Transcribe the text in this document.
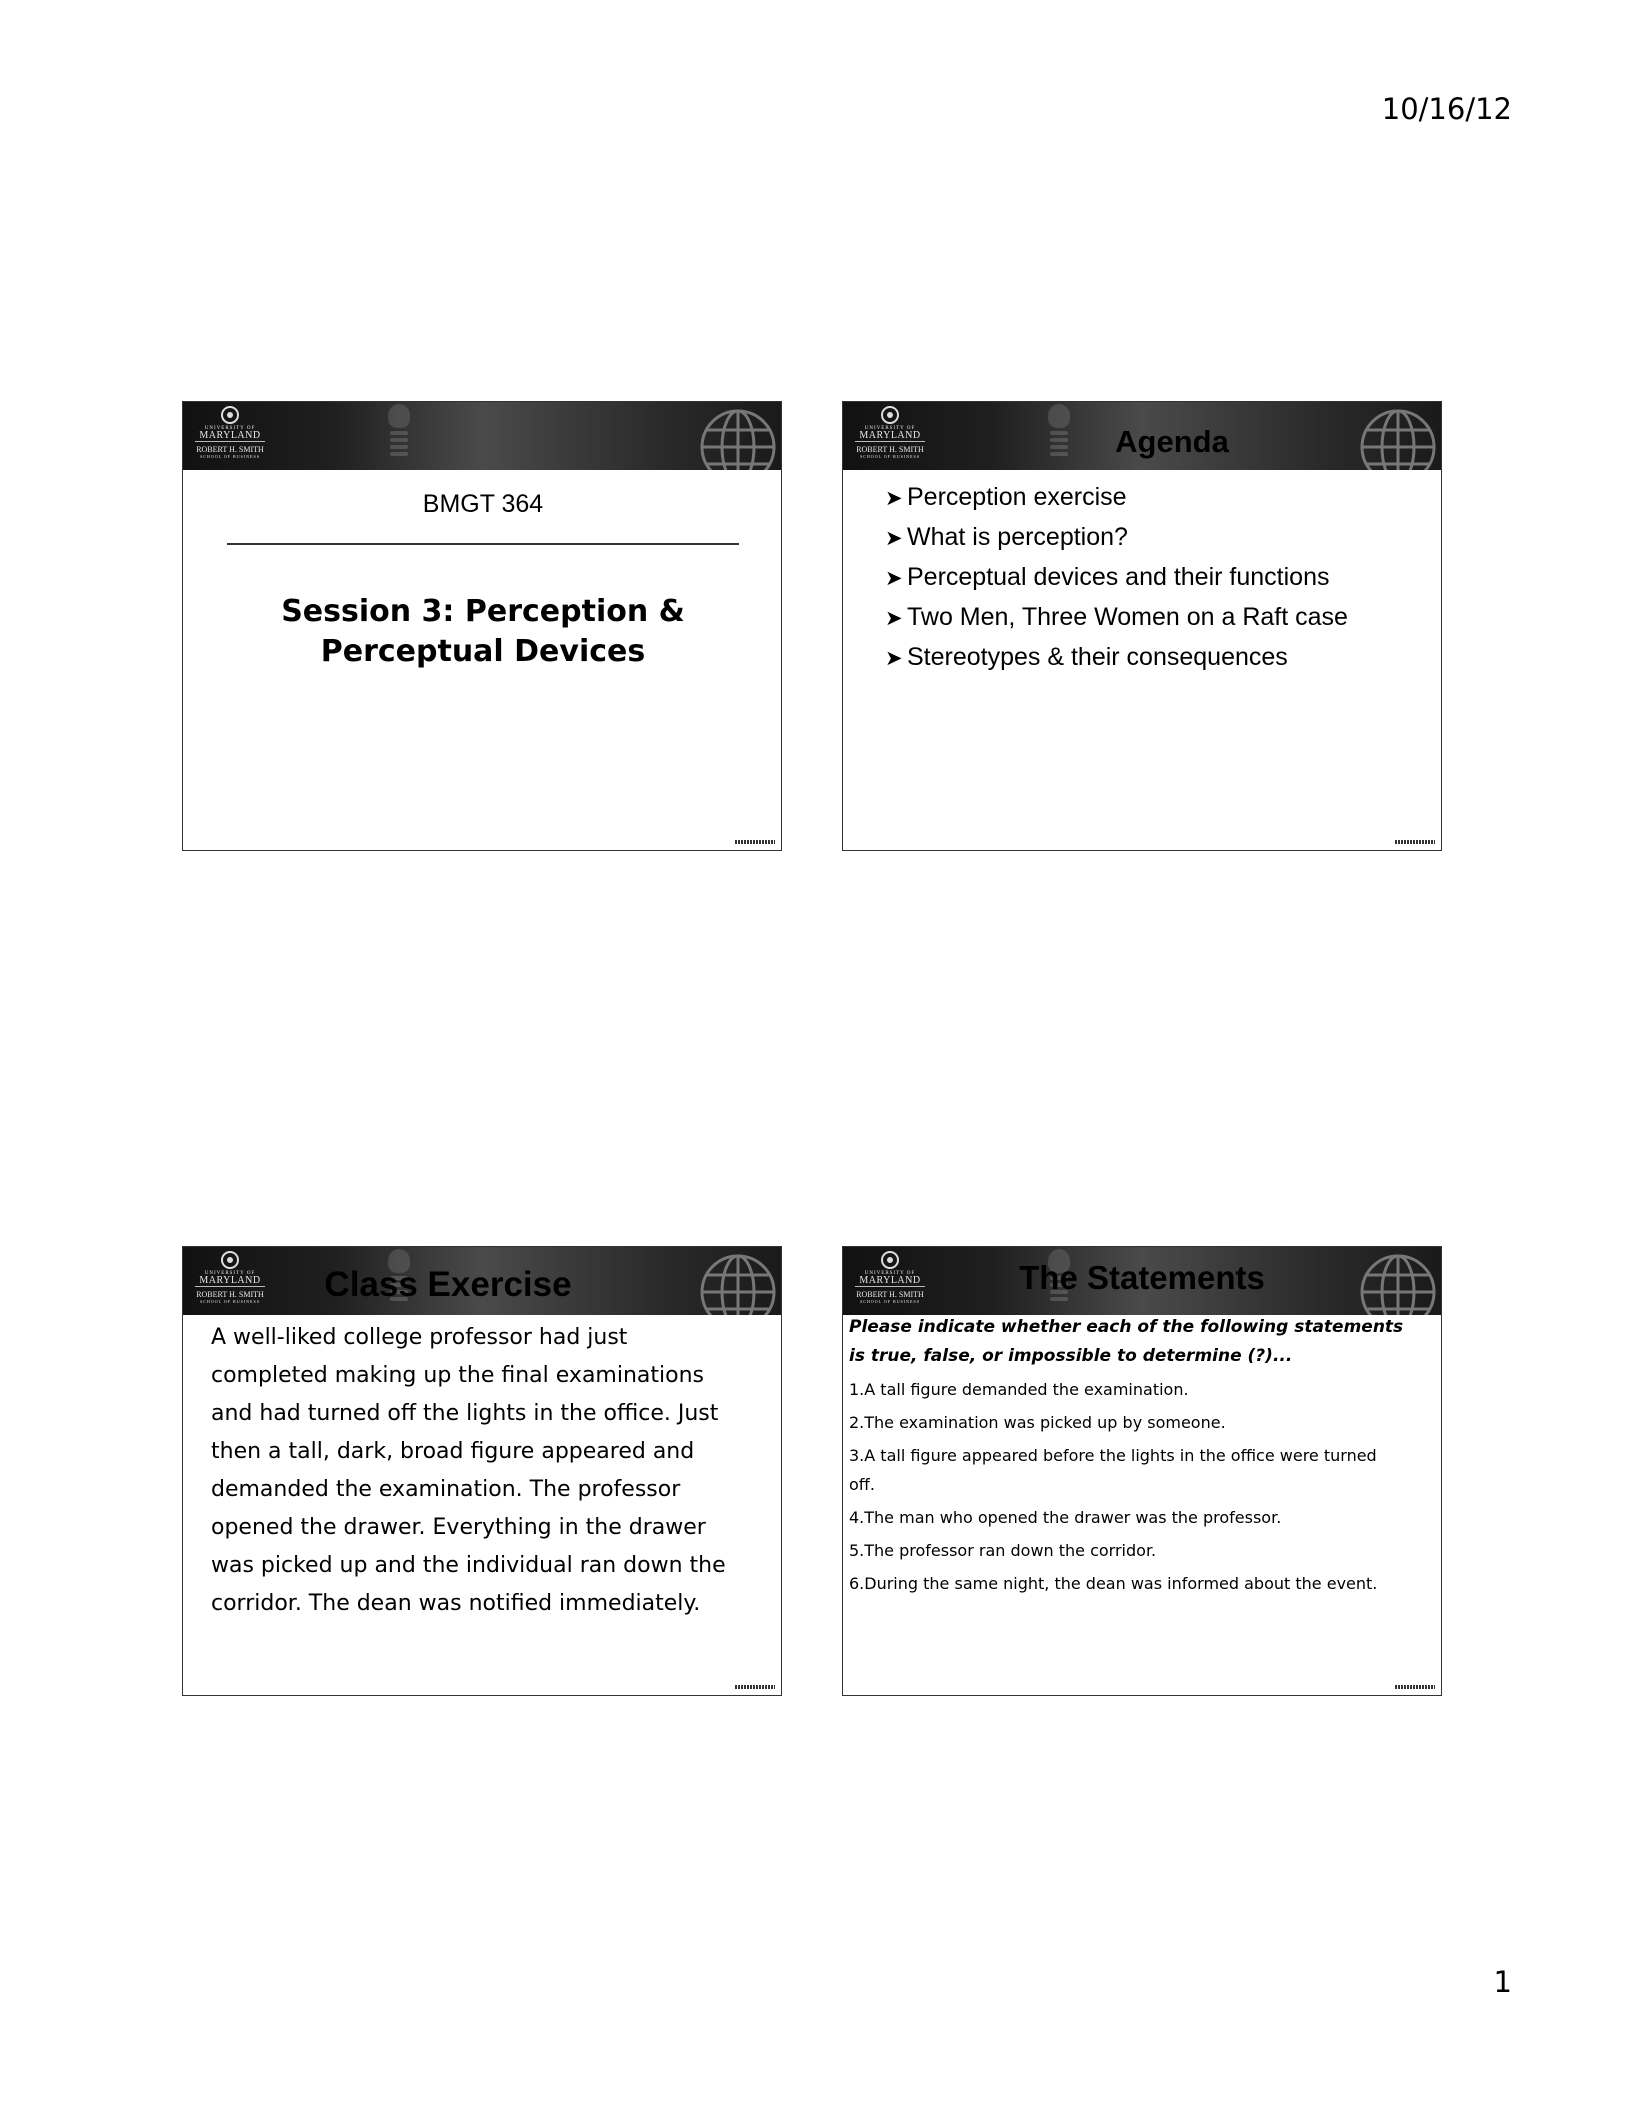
10/16/12
UNIVERSITY OF
MARYLAND
ROBERT H. SMITH
SCHOOL OF BUSINESS
BMGT 364
Session 3: Perception &
Perceptual Devices
UNIVERSITY OF
MARYLAND
ROBERT H. SMITH
SCHOOL OF BUSINESS	Agenda
➤ Perception exercise
➤ What is perception?
➤ Perceptual devices and their functions
➤ Two Men, Three Women on a Raft case
➤ Stereotypes & their consequences
UNIVERSITY OF
MARYLAND
ROBERT H. SMITH
SCHOOL OF BUSINESS	Class Exercise
A well-liked college professor had just
completed making up the final examinations
and had turned off the lights in the office. Just
then a tall, dark, broad figure appeared and
demanded the examination. The professor
opened the drawer. Everything in the drawer
was picked up and the individual ran down the
corridor. The dean was notified immediately.
UNIVERSITY OF
MARYLAND
ROBERT H. SMITH
SCHOOL OF BUSINESS
The Statements
Please indicate whether each of the following statements
is true, false, or impossible to determine (?)...
1.A tall figure demanded the examination.
2.The examination was picked up by someone.
3.A tall figure appeared before the lights in the office were turned
off.
4.The man who opened the drawer was the professor.
5.The professor ran down the corridor.
6.During the same night, the dean was informed about the event.
1
